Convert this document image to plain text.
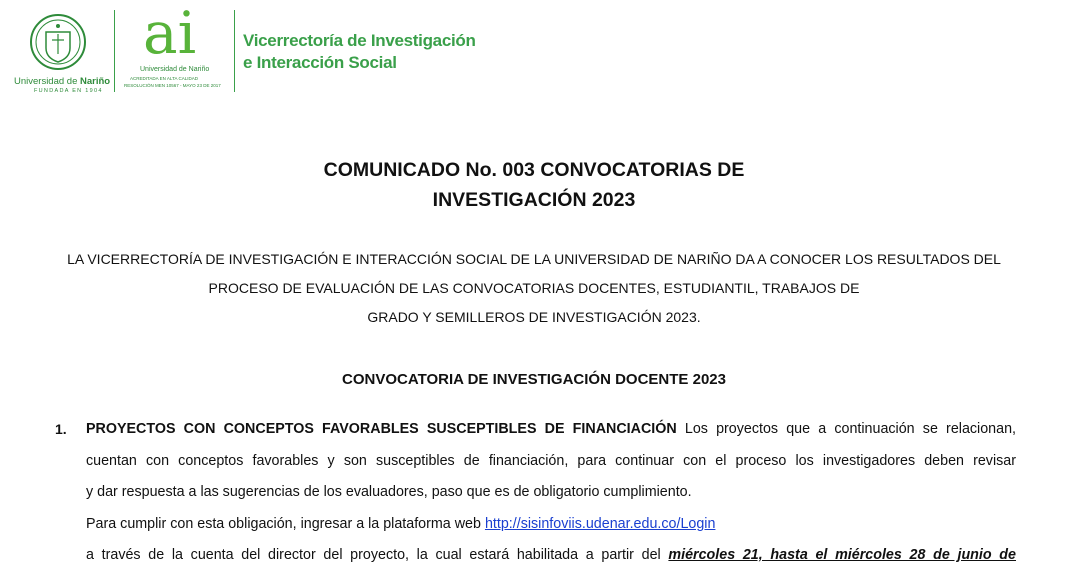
Universidad de Nariño
FUNDADA EN 1904
ai
Universidad de Nariño
ACREDITADA EN ALTA CALIDAD
RESOLUCIÓN MEN 10567 - MAYO 23 DE 2017
Vicerrectoría de Investigación
e Interacción Social
COMUNICADO No. 003 CONVOCATORIAS DE
INVESTIGACIÓN 2023
LA VICERRECTORÍA DE INVESTIGACIÓN E INTERACCIÓN SOCIAL DE LA UNIVERSIDAD DE NARIÑO DA A CONOCER LOS RESULTADOS DEL
PROCESO DE EVALUACIÓN DE LAS CONVOCATORIAS DOCENTES, ESTUDIANTIL, TRABAJOS DE
GRADO Y SEMILLEROS DE INVESTIGACIÓN 2023.
CONVOCATORIA DE INVESTIGACIÓN DOCENTE 2023
1. PROYECTOS CON CONCEPTOS FAVORABLES SUSCEPTIBLES DE FINANCIACIÓN Los proyectos que a continuación se relacionan,
cuentan con conceptos favorables y son susceptibles de financiación, para continuar con el proceso los investigadores deben revisar
y dar respuesta a las sugerencias de los evaluadores, paso que es de obligatorio cumplimiento.
Para cumplir con esta obligación, ingresar a la plataforma web http://sisinfoviis.udenar.edu.co/Login
a través de la cuenta del director del proyecto, la cual estará habilitada a partir del miércoles 21, hasta el miércoles 28 de junio de
